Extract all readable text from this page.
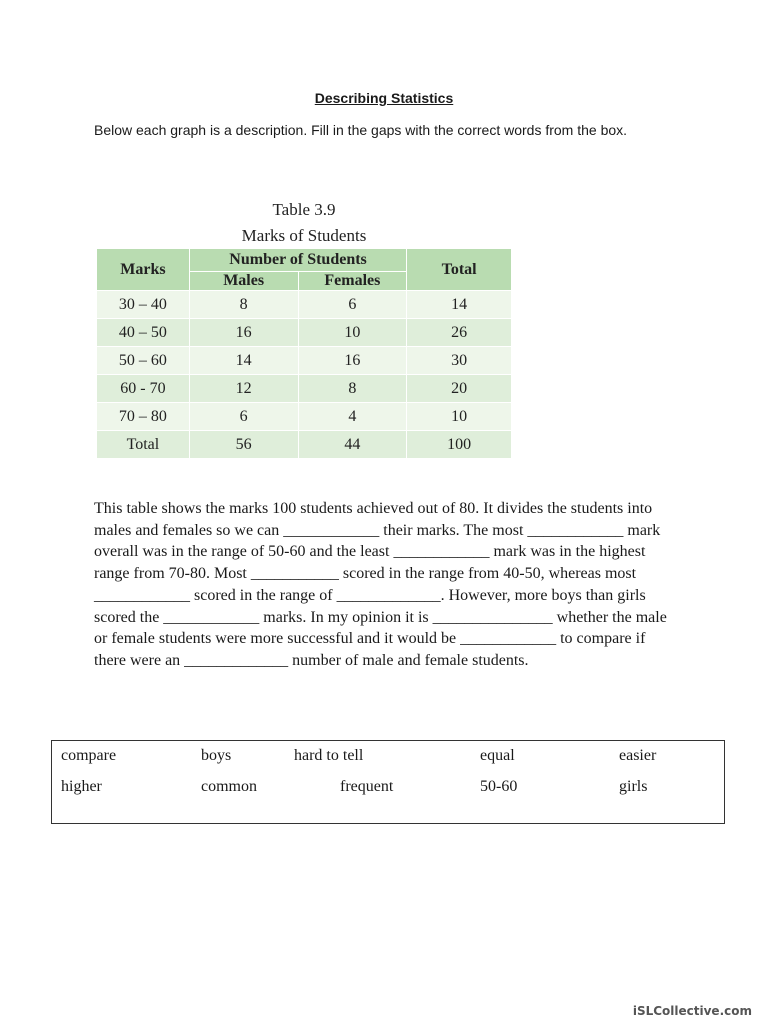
Describing Statistics
Below each graph is a description. Fill in the gaps with the correct words from the box.
Table 3.9
Marks of Students
Marks	Number of Students		Total
	Males	Females	
30 – 40	8	6	14
40 – 50	16	10	26
50 – 60	14	16	30
60 - 70	12	8	20
70 – 80	6	4	10
Total	56	44	100
This table shows the marks 100 students achieved out of 80. It divides the students into males and females so we can ____________ their marks. The most ____________ mark overall was in the range of 50-60 and the least ____________ mark was in the highest range from 70-80. Most ___________ scored in the range from 40-50, whereas most ____________ scored in the range of _____________. However, more boys than girls scored the ____________ marks. In my opinion it is _______________ whether the male or female students were more successful and it would be ____________ to compare if there were an _____________ number of male and female students.
compare	boys	hard to tell	equal	easier
higher	common	frequent	50-60	girls
iSLCollective.com
